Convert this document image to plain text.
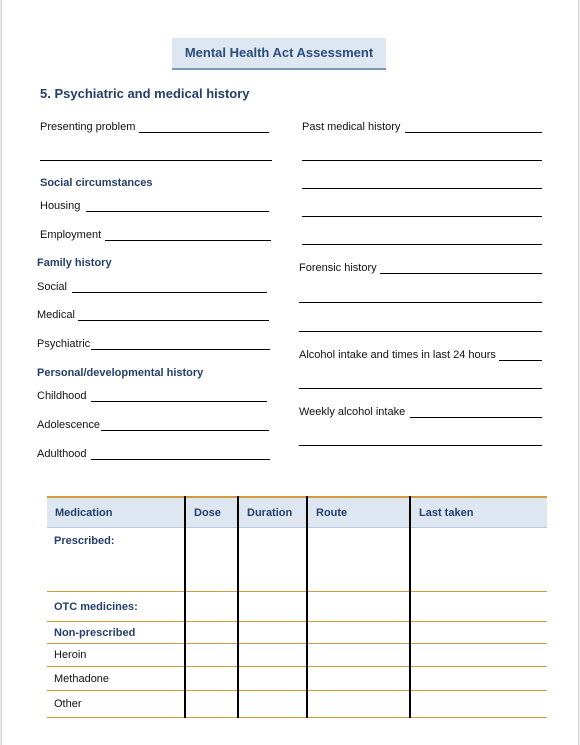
Mental Health Act Assessment
5. Psychiatric and medical history
Presenting problem
Social circumstances
Housing
Employment
Family history
Social
Medical
Psychiatric
Personal/developmental history
Childhood
Adolescence
Adulthood
Past medical history
Forensic history
Alcohol intake and times in last 24 hours
Weekly alcohol intake
Medication	Dose	Duration	Route	Last taken
Prescribed:				
OTC medicines:				
Non-prescribed				
Heroin				
Methadone				
Other				
